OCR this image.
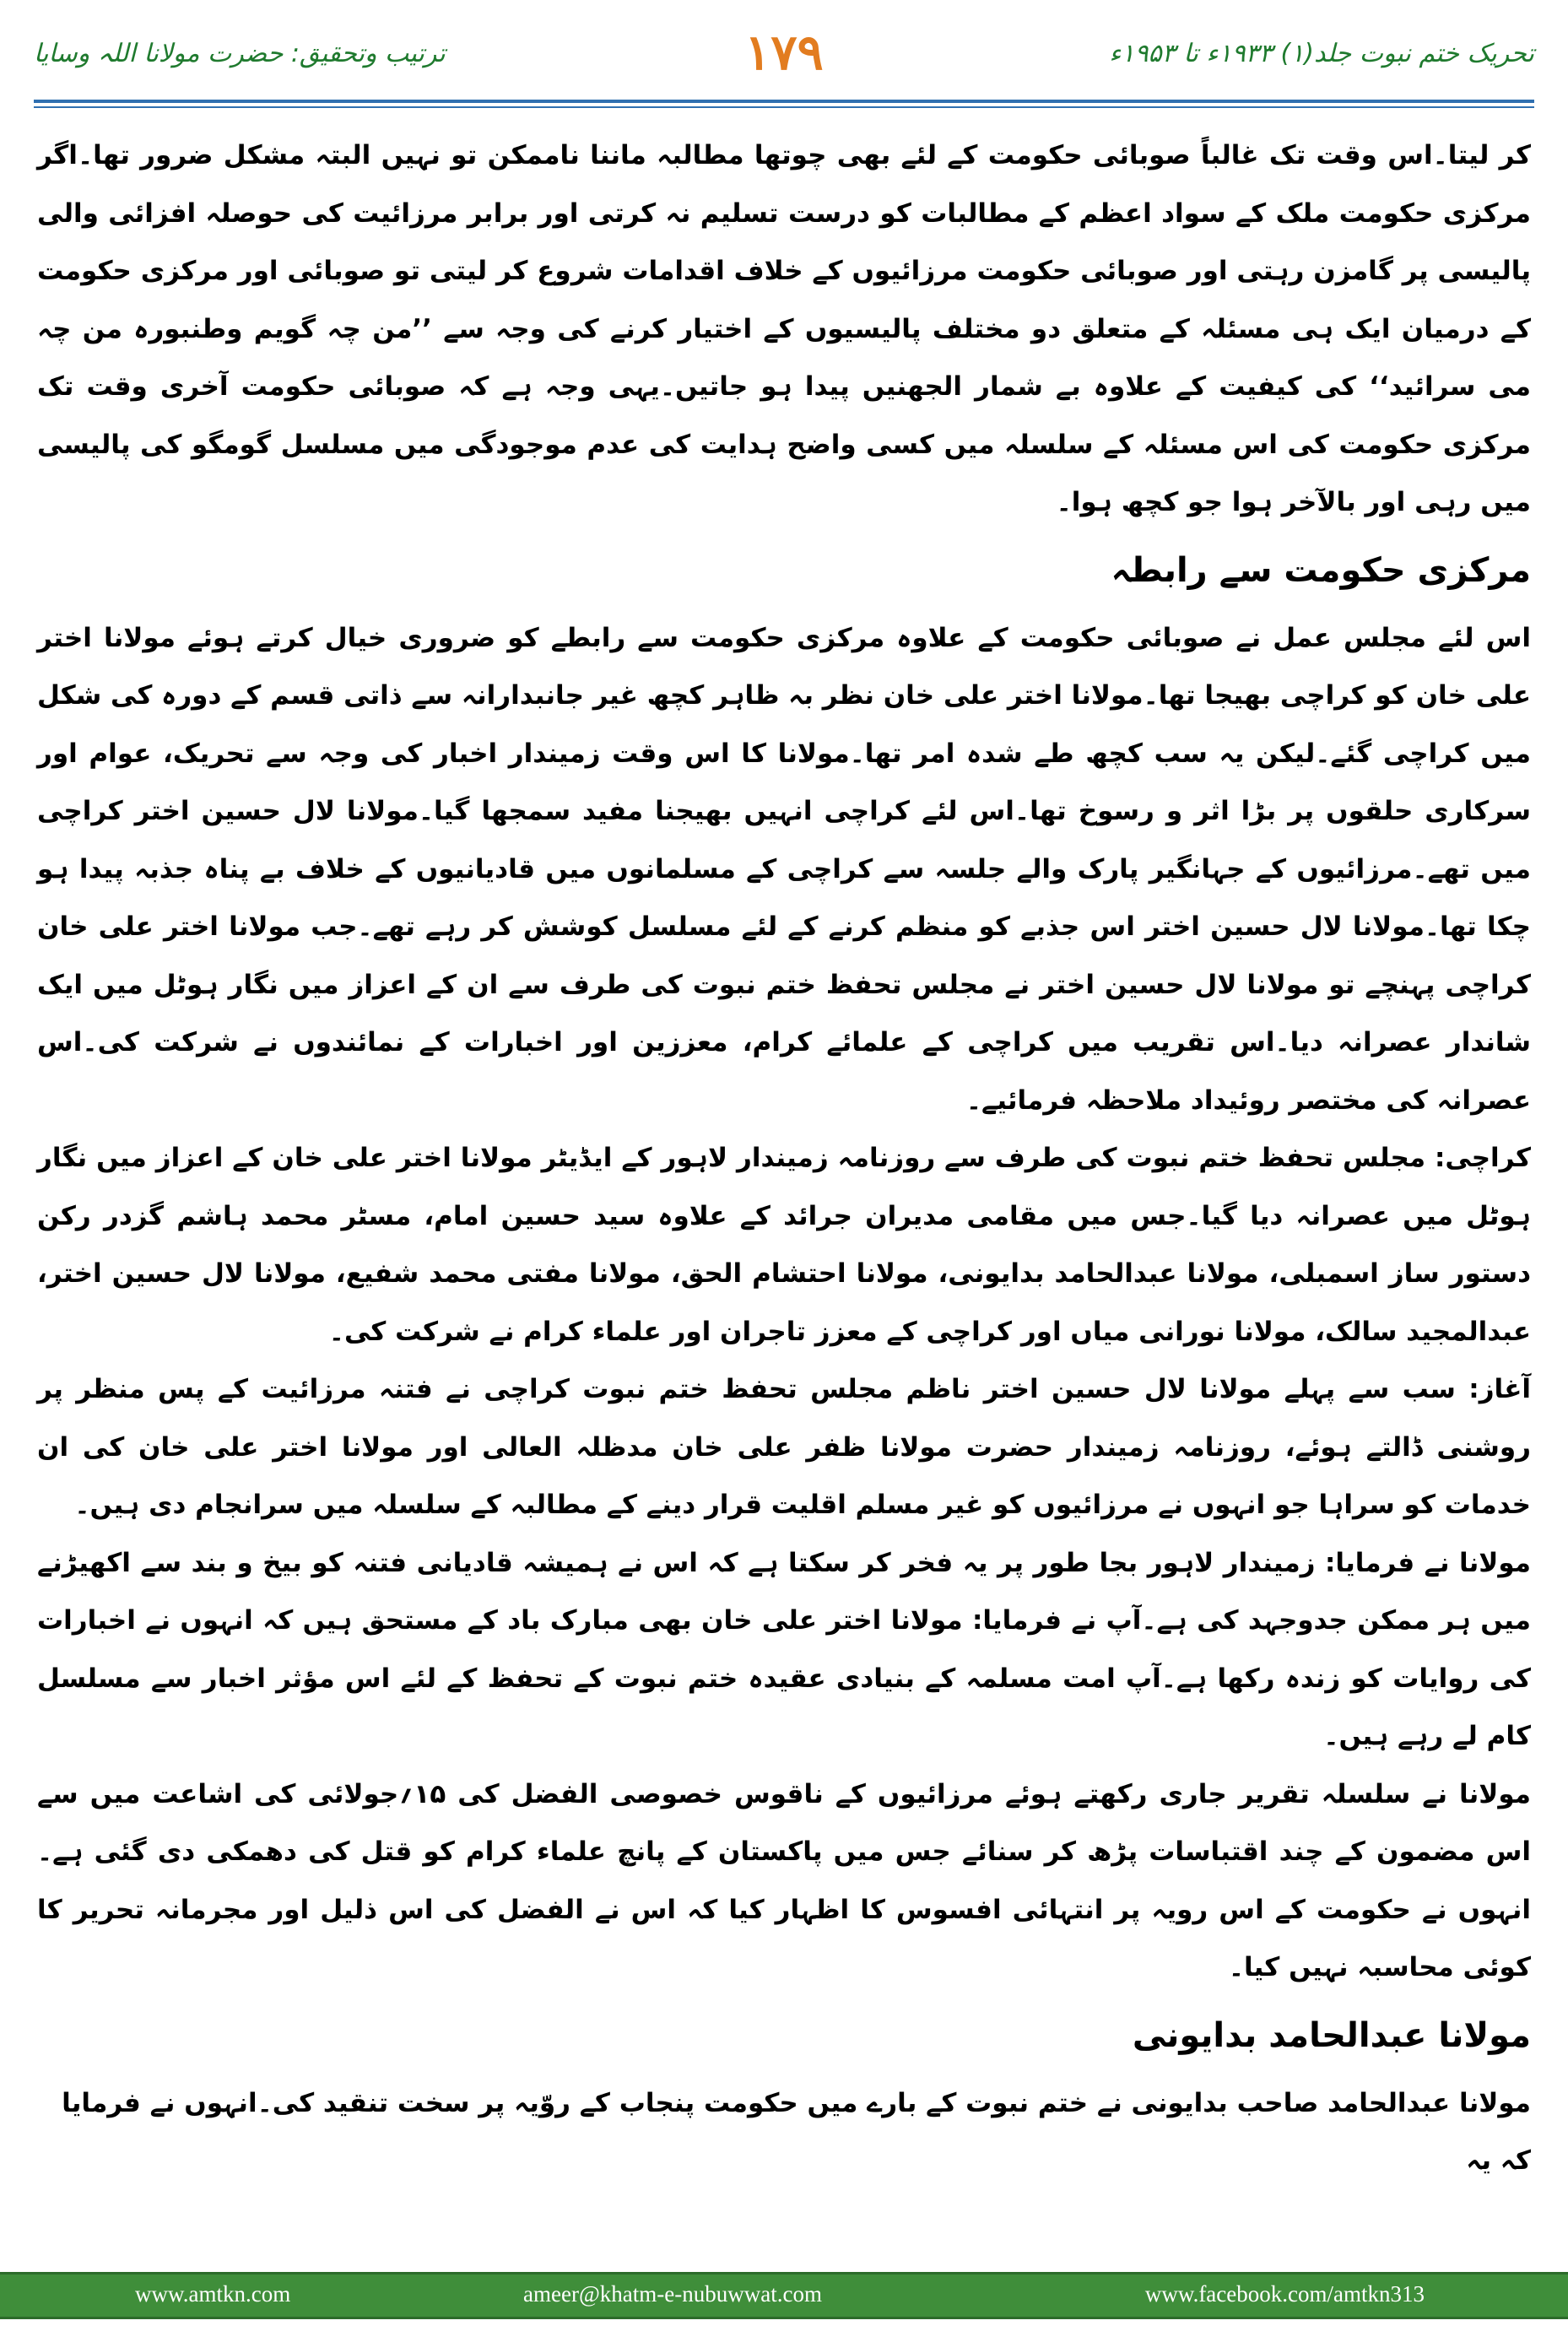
تحریک ختم نبوت جلد(۱) ۱۹۳۳ء تا ۱۹۵۳ء
۱۷۹
ترتیب وتحقیق: حضرت مولانا اللہ وسایا

کر لیتا۔اس وقت تک غالباً صوبائی حکومت کے لئے بھی چوتھا مطالبہ ماننا ناممکن تو نہیں البتہ مشکل ضرور تھا۔اگر مرکزی حکومت ملک کے سواد اعظم کے مطالبات کو درست تسلیم نہ کرتی اور برابر مرزائیت کی حوصلہ افزائی والی پالیسی پر گامزن رہتی اور صوبائی حکومت مرزائیوں کے خلاف اقدامات شروع کر لیتی تو صوبائی اور مرکزی حکومت کے درمیان ایک ہی مسئلہ کے متعلق دو مختلف پالیسیوں کے اختیار کرنے کی وجہ سے ’’من چہ گویم وطنبورہ من چہ می سرائید‘‘ کی کیفیت کے علاوہ بے شمار الجھنیں پیدا ہو جاتیں۔یہی وجہ ہے کہ صوبائی حکومت آخری وقت تک مرکزی حکومت کی اس مسئلہ کے سلسلہ میں کسی واضح ہدایت کی عدم موجودگی میں مسلسل گومگو کی پالیسی میں رہی اور بالآخر ہوا جو کچھ ہوا۔

مرکزی حکومت سے رابطہ

اس لئے مجلس عمل نے صوبائی حکومت کے علاوہ مرکزی حکومت سے رابطے کو ضروری خیال کرتے ہوئے مولانا اختر علی خان کو کراچی بھیجا تھا۔مولانا اختر علی خان نظر بہ ظاہر کچھ غیر جانبدارانہ سے ذاتی قسم کے دورہ کی شکل میں کراچی گئے۔لیکن یہ سب کچھ طے شدہ امر تھا۔مولانا کا اس وقت زمیندار اخبار کی وجہ سے تحریک، عوام اور سرکاری حلقوں پر بڑا اثر و رسوخ تھا۔اس لئے کراچی انہیں بھیجنا مفید سمجھا گیا۔مولانا لال حسین اختر کراچی میں تھے۔مرزائیوں کے جہانگیر پارک والے جلسہ سے کراچی کے مسلمانوں میں قادیانیوں کے خلاف بے پناہ جذبہ پیدا ہو چکا تھا۔مولانا لال حسین اختر اس جذبے کو منظم کرنے کے لئے مسلسل کوشش کر رہے تھے۔جب مولانا اختر علی خان کراچی پہنچے تو مولانا لال حسین اختر نے مجلس تحفظ ختم نبوت کی طرف سے ان کے اعزاز میں نگار ہوٹل میں ایک شاندار عصرانہ دیا۔اس تقریب میں کراچی کے علمائے کرام، معززین اور اخبارات کے نمائندوں نے شرکت کی۔اس عصرانہ کی مختصر روئیداد ملاحظہ فرمائیے۔

کراچی: مجلس تحفظ ختم نبوت کی طرف سے روزنامہ زمیندار لاہور کے ایڈیٹر مولانا اختر علی خان کے اعزاز میں نگار ہوٹل میں عصرانہ دیا گیا۔جس میں مقامی مدیران جرائد کے علاوہ سید حسین امام، مسٹر محمد ہاشم گزدر رکن دستور ساز اسمبلی، مولانا عبدالحامد بدایونی، مولانا احتشام الحق، مولانا مفتی محمد شفیع، مولانا لال حسین اختر، عبدالمجید سالک، مولانا نورانی میاں اور کراچی کے معزز تاجران اور علماء کرام نے شرکت کی۔

آغاز: سب سے پہلے مولانا لال حسین اختر ناظم مجلس تحفظ ختم نبوت کراچی نے فتنہ مرزائیت کے پس منظر پر روشنی ڈالتے ہوئے، روزنامہ زمیندار حضرت مولانا ظفر علی خان مدظلہ العالی اور مولانا اختر علی خان کی ان خدمات کو سراہا جو انہوں نے مرزائیوں کو غیر مسلم اقلیت قرار دینے کے مطالبہ کے سلسلہ میں سرانجام دی ہیں۔

مولانا نے فرمایا: زمیندار لاہور بجا طور پر یہ فخر کر سکتا ہے کہ اس نے ہمیشہ قادیانی فتنہ کو بیخ و بند سے اکھیڑنے میں ہر ممکن جدوجہد کی ہے۔آپ نے فرمایا: مولانا اختر علی خان بھی مبارک باد کے مستحق ہیں کہ انہوں نے اخبارات کی روایات کو زندہ رکھا ہے۔آپ امت مسلمہ کے بنیادی عقیدہ ختم نبوت کے تحفظ کے لئے اس مؤثر اخبار سے مسلسل کام لے رہے ہیں۔

مولانا نے سلسلہ تقریر جاری رکھتے ہوئے مرزائیوں کے ناقوس خصوصی الفضل کی ۱۵؍جولائی کی اشاعت میں سے اس مضمون کے چند اقتباسات پڑھ کر سنائے جس میں پاکستان کے پانچ علماء کرام کو قتل کی دھمکی دی گئی ہے۔انہوں نے حکومت کے اس رویہ پر انتہائی افسوس کا اظہار کیا کہ اس نے الفضل کی اس ذلیل اور مجرمانہ تحریر کا کوئی محاسبہ نہیں کیا۔

مولانا عبدالحامد بدایونی

مولانا عبدالحامد صاحب بدایونی نے ختم نبوت کے بارے میں حکومت پنجاب کے روّیہ پر سخت تنقید کی۔انہوں نے فرمایا کہ یہ

www.amtkn.com	ameer@khatm-e-nubuwwat.com	www.facebook.com/amtkn313
